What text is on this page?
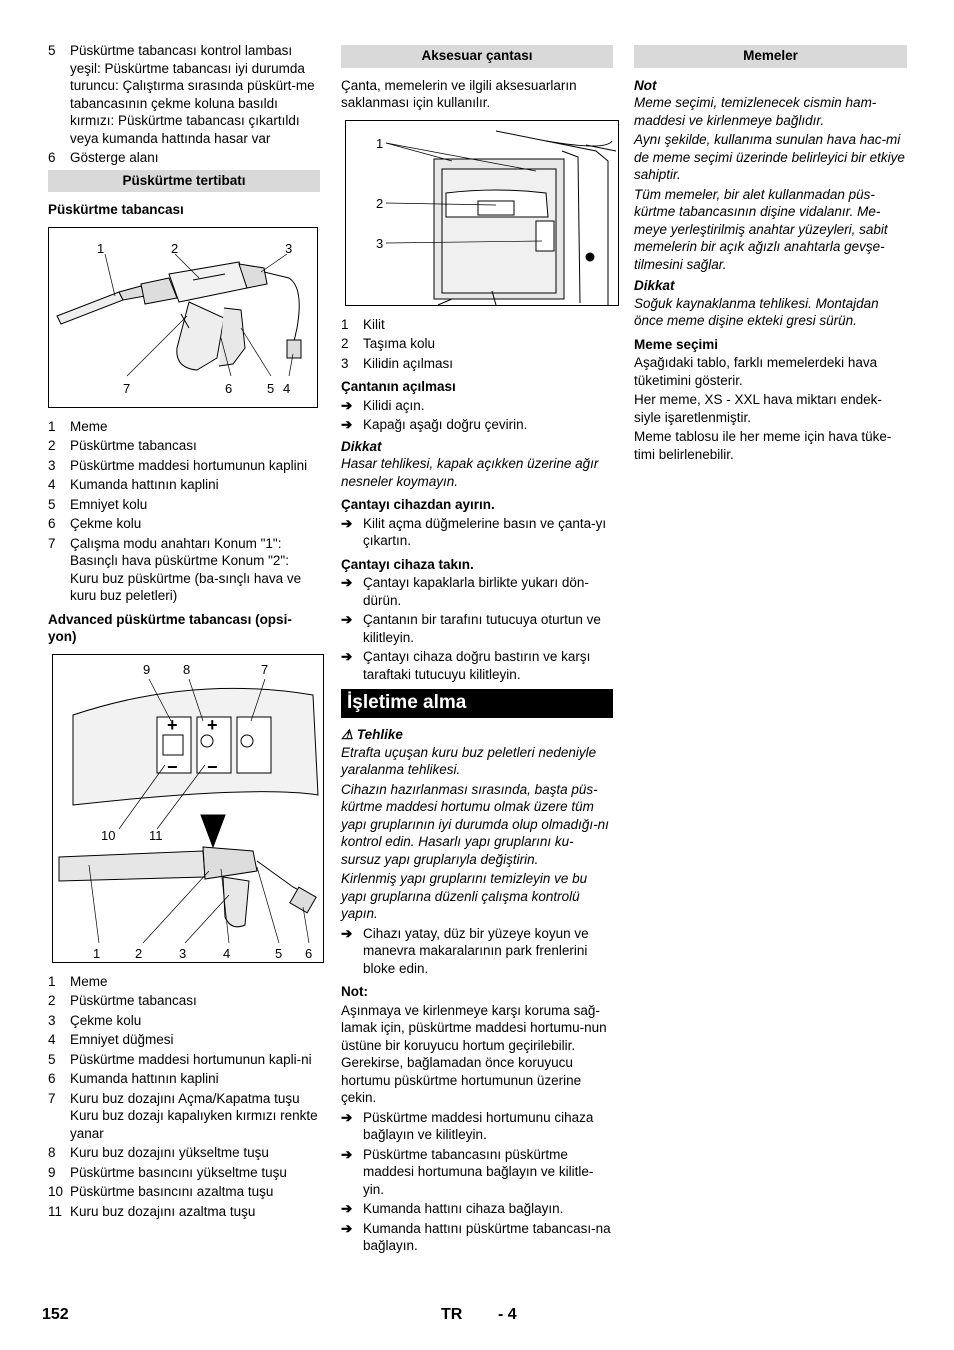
5	Püskürtme tabancası kontrol lambası yeşil: Püskürtme tabancası iyi durumda turuncu: Çalıştırma sırasında püskürt-me tabancasının çekme koluna basıldı kırmızı: Püskürtme tabancası çıkartıldı veya kumanda hattında hasar var
6	Gösterge alanı
Püskürtme tertibatı
Püskürtme tabancası
1	2	3
7	6	5 4
1	Meme
2	Püskürtme tabancası
3	Püskürtme maddesi hortumunun kaplini
4	Kumanda hattının kaplini
5	Emniyet kolu
6	Çekme kolu
7	Çalışma modu anahtarı Konum "1": Basınçlı hava püskürtme Konum "2": Kuru buz püskürtme (ba-sınçlı hava ve kuru buz peletleri)
Advanced püskürtme tabancası (opsi-yon)
+
−
+
−
9	8	7
10	11
1	2	3	4	5 6
1	Meme
2	Püskürtme tabancası
3	Çekme kolu
4	Emniyet düğmesi
5	Püskürtme maddesi hortumunun kapli-ni
6	Kumanda hattının kaplini
7	Kuru buz dozajını Açma/Kapatma tuşu Kuru buz dozajı kapalıyken kırmızı renkte yanar
8	Kuru buz dozajını yükseltme tuşu
9	Püskürtme basıncını yükseltme tuşu
10 Püskürtme basıncını azaltma tuşu
11 Kuru buz dozajını azaltma tuşu
Aksesuar çantası

Çanta, memelerin ve ilgili aksesuarların saklanması için kullanılır.

1
2
3
1	Kilit
2	Taşıma kolu
3	Kilidin açılması
Çantanın açılması
➔ Kilidi açın.
➔ Kapağı aşağı doğru çevirin.
Dikkat

Hasar tehlikesi, kapak açıkken üzerine ağır nesneler koymayın.

Çantayı cihazdan ayırın.
➔ Kilit açma düğmelerine basın ve çanta-yı çıkartın.
Çantayı cihaza takın.
➔ Çantayı kapaklarla birlikte yukarı dön-dürün.
➔ Çantanın bir tarafını tutucuya oturtun ve kilitleyin.
➔ Çantayı cihaza doğru bastırın ve karşı taraftaki tutucuyu kilitleyin.
İşletime alma
⚠ Tehlike

Etrafta uçuşan kuru buz peletleri nedeniyle yaralanma tehlikesi.

Cihazın hazırlanması sırasında, başta püs-kürtme maddesi hortumu olmak üzere tüm yapı gruplarının iyi durumda olup olmadığı-nı kontrol edin. Hasarlı yapı gruplarını ku-sursuz yapı gruplarıyla değiştirin.

Kirlenmiş yapı gruplarını temizleyin ve bu yapı gruplarına düzenli çalışma kontrolü yapın.

➔ Cihazı yatay, düz bir yüzeye koyun ve manevra makaralarının park frenlerini bloke edin.
Not:

Aşınmaya ve kirlenmeye karşı koruma sağ-lamak için, püskürtme maddesi hortumu-nun üstüne bir koruyucu hortum geçirilebilir. Gerekirse, bağlamadan önce koruyucu hortumu püskürtme hortumunun üzerine çekin.

➔ Püskürtme maddesi hortumunu cihaza bağlayın ve kilitleyin.
➔ Püskürtme tabancasını püskürtme maddesi hortumuna bağlayın ve kilitle-yin.
➔ Kumanda hattını cihaza bağlayın.
➔ Kumanda hattını püskürtme tabancası-na bağlayın.
Memeler
Not

Meme seçimi, temizlenecek cismin ham-maddesi ve kirlenmeye bağlıdır.

Aynı şekilde, kullanıma sunulan hava hac-mi de meme seçimi üzerinde belirleyici bir etkiye sahiptir.

Tüm memeler, bir alet kullanmadan püs-kürtme tabancasının dişine vidalanır. Me-meye yerleştirilmiş anahtar yüzeyleri, sabit memelerin bir açık ağızlı anahtarla gevşe-tilmesini sağlar.

Dikkat

Soğuk kaynaklanma tehlikesi. Montajdan önce meme dişine ekteki gresi sürün.

Meme seçimi

Aşağıdaki tablo, farklı memelerdeki hava tüketimini gösterir.

Her meme, XS - XXL hava miktarı endek-siyle işaretlenmiştir.

Meme tablosu ile her meme için hava tüke-timi belirlenebilir.

152	TR - 4
